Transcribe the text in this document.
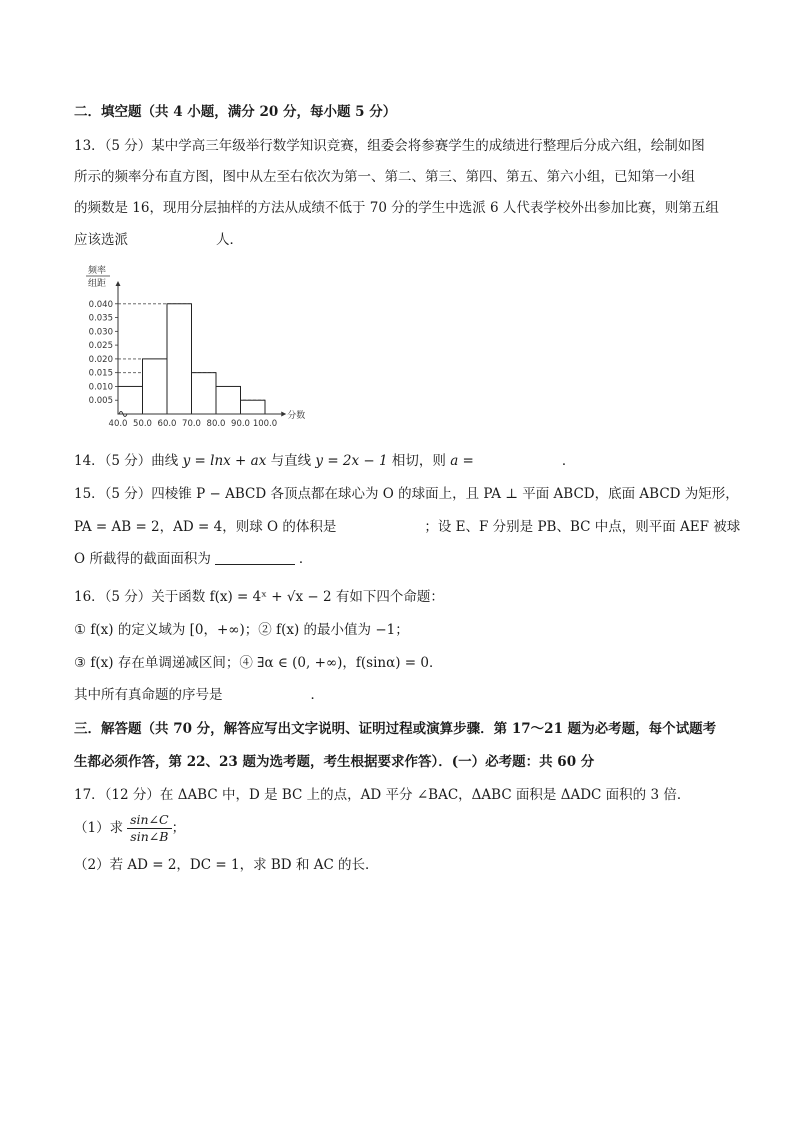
二．填空题（共 4 小题，满分 20 分，每小题 5 分）
13．（5 分）某中学高三年级举行数学知识竞赛，组委会将参赛学生的成绩进行整理后分成六组，绘制如图
所示的频率分布直方图，图中从左至右依次为第一、第二、第三、第四、第五、第六小组，已知第一小组
的频数是 16，现用分层抽样的方法从成绩不低于 70 分的学生中选派 6 人代表学校外出参加比赛，则第五组
应该选派	人．
0.005
0.010
0.015
0.020
0.025
0.030
0.035
0.040
40.0 50.0 60.0 70.0 80.0 90.0 100.0
频率
组距
分数
14．（5 分）曲线 y = lnx + ax 与直线 y = 2x − 1 相切，则 a =	．
15．（5 分）四棱锥 P − ABCD 各顶点都在球心为 O 的球面上，且 PA ⊥ 平面 ABCD，底面 ABCD 为矩形，
PA = AB = 2，AD = 4，则球 O 的体积是	；设 E、F 分别是 PB、BC 中点，则平面 AEF 被球
O 所截得的截面面积为	．
16．（5 分）关于函数 f(x) = 4ˣ + √x − 2 有如下四个命题：
① f(x) 的定义域为 [0，+∞)；② f(x) 的最小值为 −1；
③ f(x) 存在单调递减区间；④ ∃α ∈ (0, +∞)，f(sinα) = 0．
其中所有真命题的序号是	．
三．解答题（共 70 分，解答应写出文字说明、证明过程或演算步骤．第 17～21 题为必考题，每个试题考
生都必须作答，第 22、23 题为选考题，考生根据要求作答）．(一）必考题：共 60 分
17．（12 分）在 ΔABC 中，D 是 BC 上的点，AD 平分 ∠BAC，ΔABC 面积是 ΔADC 面积的 3 倍．
（1）求 $\frac{\sin\angle C}{\sin\angle B}$ ；
（2）若 AD = 2，DC = 1，求 BD 和 AC 的长．
